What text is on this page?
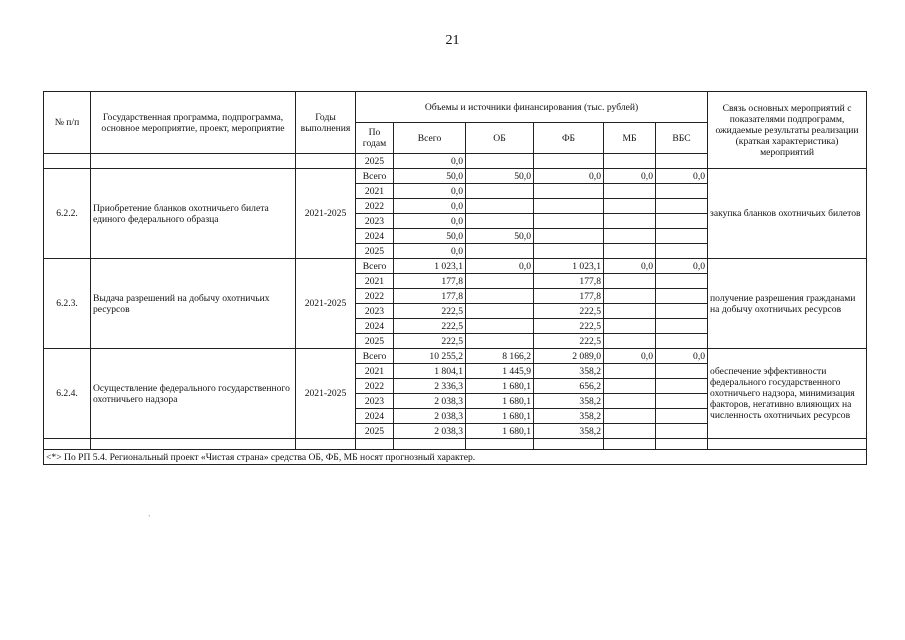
21
№ п/п	Государственная программа, подпрограмма, основное мероприятие, проект, мероприятие	Годы выполнения	Объемы и источники финансирования (тыс. рублей)						Связь основных мероприятий с показателями подпрограмм, ожидаемые результаты реализации (краткая характеристика) мероприятий
			По годам	Всего	ОБ	ФБ	МБ	ВБС	
			2025	0,0					
6.2.2.	Приобретение бланков охотничьего билета единого федерального образца	2021-2025	Всего	50,0	50,0	0,0	0,0	0,0	закупка бланков охотничьих билетов
			2021	0,0					
			2022	0,0					
			2023	0,0					
			2024	50,0	50,0				
			2025	0,0					
6.2.3.	Выдача разрешений на добычу охотничьих ресурсов	2021-2025	Всего	1 023,1	0,0	1 023,1	0,0	0,0	получение разрешения гражданами на добычу охотничьих ресурсов
			2021	177,8		177,8			
			2022	177,8		177,8			
			2023	222,5		222,5			
			2024	222,5		222,5			
			2025	222,5		222,5			
6.2.4.	Осуществление федерального государственного охотничьего надзора	2021-2025	Всего	10 255,2	8 166,2	2 089,0	0,0	0,0	обеспечение эффективности федерального государственного охотничьего надзора, минимизация факторов, негативно влияющих на численность охотничьих ресурсов
			2021	1 804,1	1 445,9	358,2			
			2022	2 336,3	1 680,1	656,2			
			2023	2 038,3	1 680,1	358,2			
			2024	2 038,3	1 680,1	358,2			
			2025	2 038,3	1 680,1	358,2			

<*> По РП 5.4. Региональный проект «Чистая страна» средства ОБ, ФБ, МБ носят прогнозный характер.									
`
